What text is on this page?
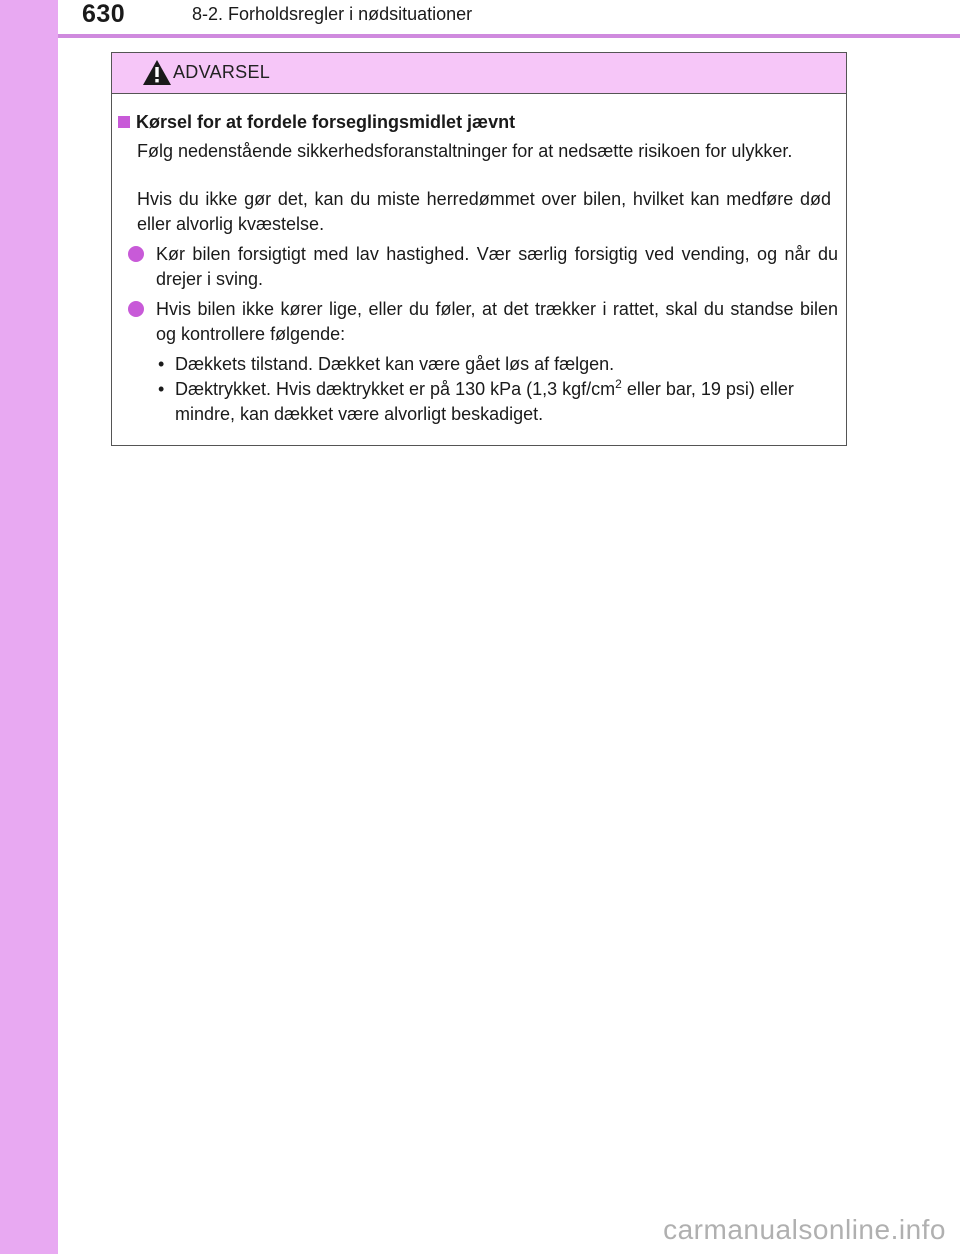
630	8-2. Forholdsregler i nødsituationer
ADVARSEL
Kørsel for at fordele forseglingsmidlet jævnt
Følg nedenstående sikkerhedsforanstaltninger for at nedsætte risikoen for ulykker.
Hvis du ikke gør det, kan du miste herredømmet over bilen, hvilket kan medføre død eller alvorlig kvæstelse.
Kør bilen forsigtigt med lav hastighed. Vær særlig forsigtig ved vending, og når du drejer i sving.
Hvis bilen ikke kører lige, eller du føler, at det trækker i rattet, skal du standse bilen og kontrollere følgende:
• Dækkets tilstand. Dækket kan være gået løs af fælgen.
• Dæktrykket. Hvis dæktrykket er på 130 kPa (1,3 kgf/$cm^2$ eller bar, 19 psi) eller mindre, kan dækket være alvorligt beskadiget.
carmanualsonline.info
